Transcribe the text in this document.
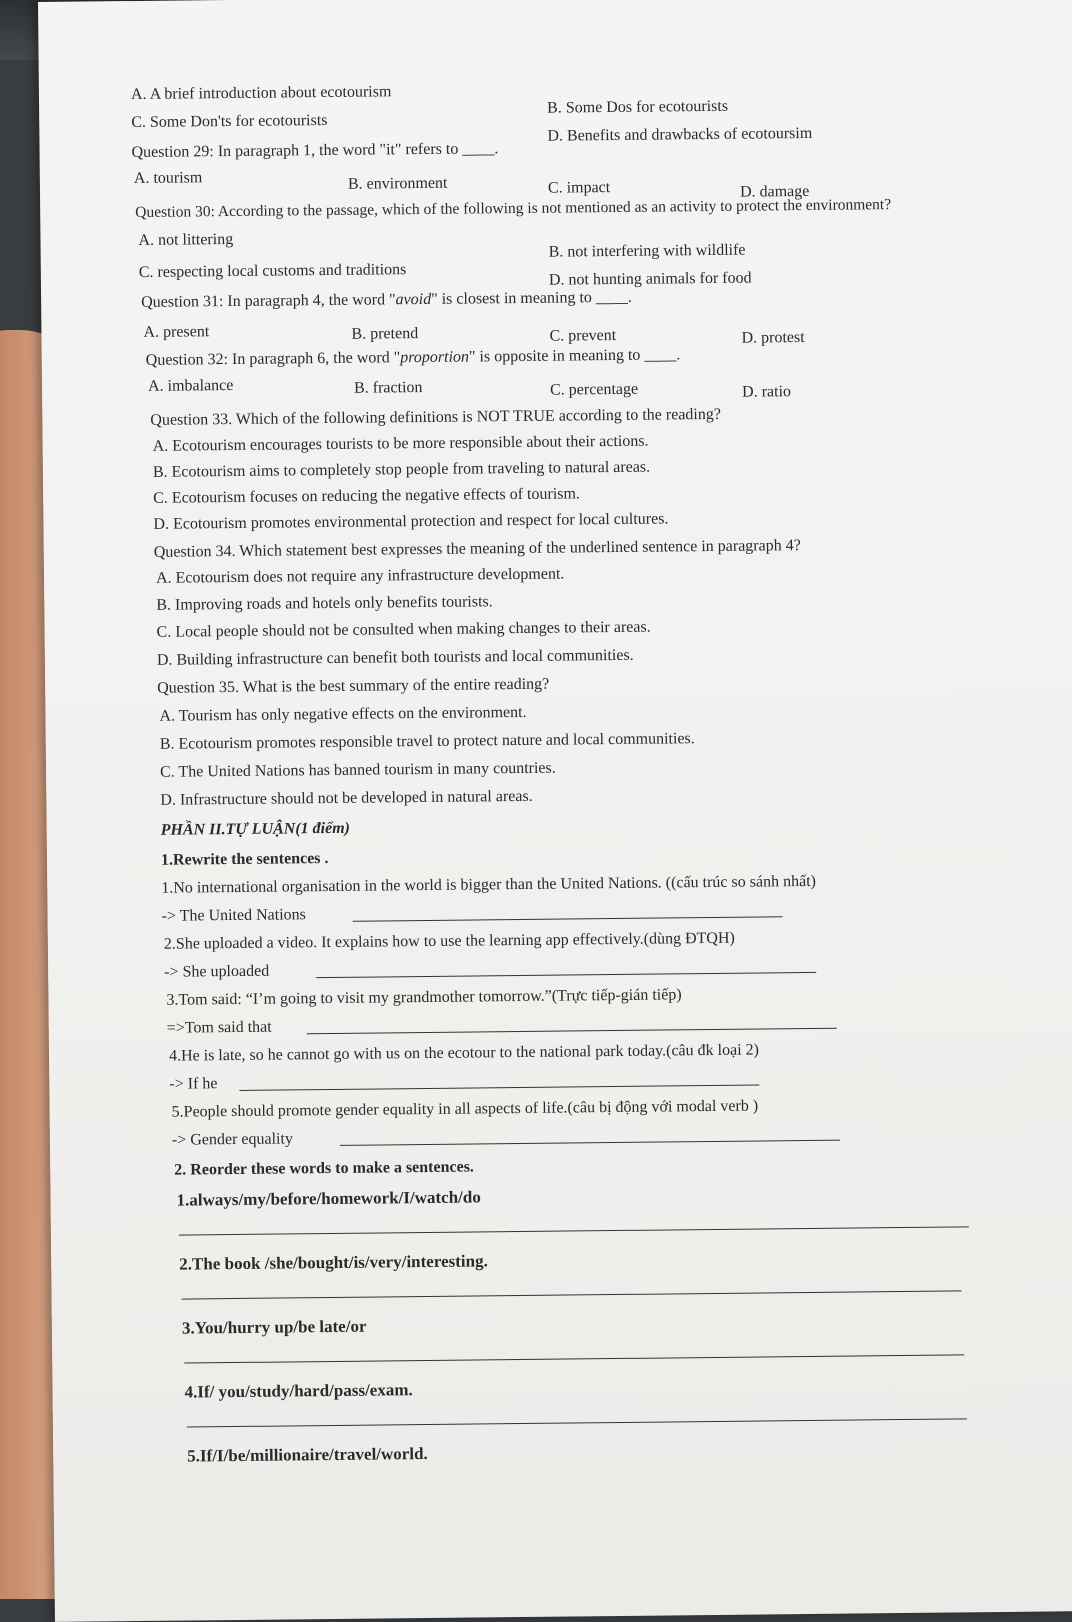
A. A brief introduction about ecotourism
B. Some Dos for ecotourists
C. Some Don'ts for ecotourists
D. Benefits and drawbacks of ecotoursim
Question 29: In paragraph 1, the word "it" refers to ____.
A. tourism	B. environment	C. impact	D. damage
Question 30: According to the passage, which of the following is not mentioned as an activity to protect the environment?
A. not littering
B. not interfering with wildlife
C. respecting local customs and traditions	D. not hunting animals for food
Question 31: In paragraph 4, the word "avoid" is closest in meaning to ____.
A. present	B. pretend	C. prevent	D. protest
Question 32: In paragraph 6, the word "proportion" is opposite in meaning to ____.
A. imbalance	B. fraction	C. percentage	D. ratio
Question 33. Which of the following definitions is NOT TRUE according to the reading?
A. Ecotourism encourages tourists to be more responsible about their actions.
B. Ecotourism aims to completely stop people from traveling to natural areas.
C. Ecotourism focuses on reducing the negative effects of tourism.
D. Ecotourism promotes environmental protection and respect for local cultures.
Question 34. Which statement best expresses the meaning of the underlined sentence in paragraph 4?
A. Ecotourism does not require any infrastructure development.
B. Improving roads and hotels only benefits tourists.
C. Local people should not be consulted when making changes to their areas.
D. Building infrastructure can benefit both tourists and local communities.
Question 35. What is the best summary of the entire reading?
A. Tourism has only negative effects on the environment.
B. Ecotourism promotes responsible travel to protect nature and local communities.
C. The United Nations has banned tourism in many countries.
D. Infrastructure should not be developed in natural areas.
PHẦN II.TỰ LUẬN(1 điểm)
1.Rewrite the sentences .
1.No international organisation in the world is bigger than the United Nations. ((cấu trúc so sánh nhất)
-> The United Nations
2.She uploaded a video. It explains how to use the learning app effectively.(dùng ĐTQH)
-> She uploaded
3.Tom said: “I’m going to visit my grandmother tomorrow.”(Trực tiếp-gián tiếp)
=>Tom said that
4.He is late, so he cannot go with us on the ecotour to the national park today.(câu đk loại 2)
-> If he
5.People should promote gender equality in all aspects of life.(câu bị động với modal verb )
-> Gender equality
2. Reorder these words to make a sentences.
1.always/my/before/homework/I/watch/do
2.The book /she/bought/is/very/interesting.
3.You/hurry up/be late/or
4.If/ you/study/hard/pass/exam.
5.If/I/be/millionaire/travel/world.
